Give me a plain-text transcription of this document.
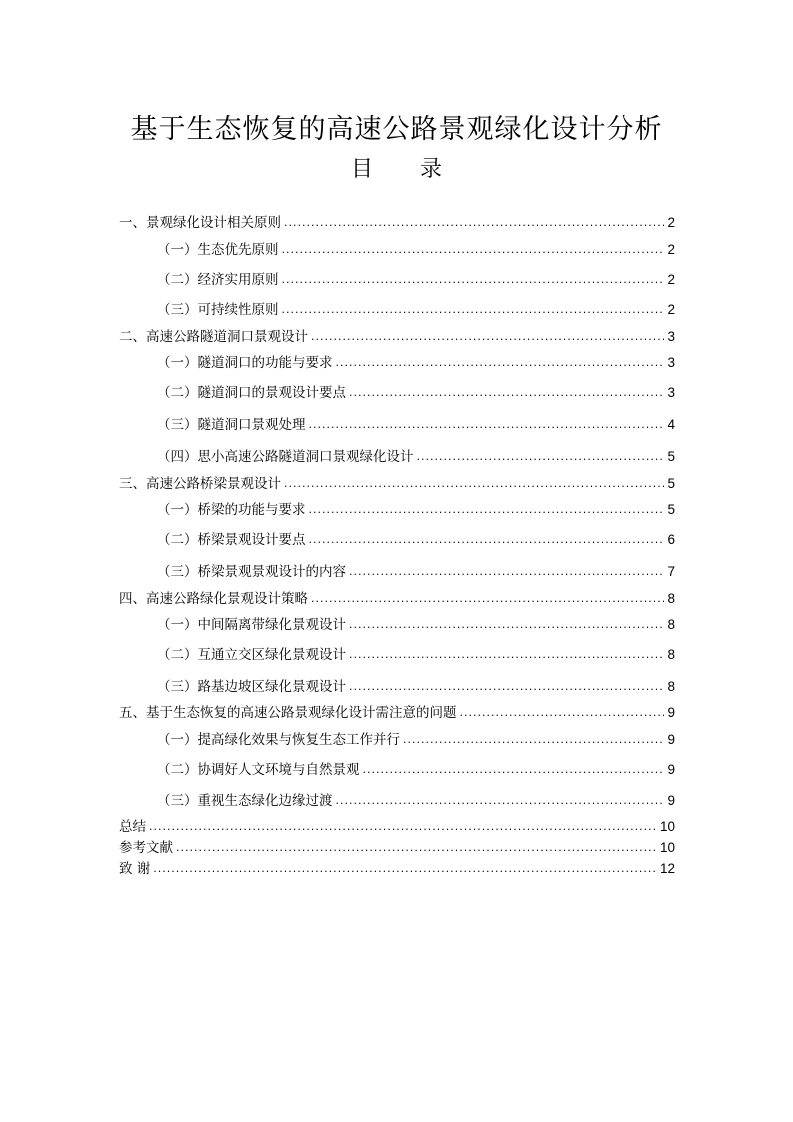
基于生态恢复的高速公路景观绿化设计分析
目 录
一、景观绿化设计相关原则 .....	2
（一）生态优先原则 .....	2
（二）经济实用原则 .....	2
（三）可持续性原则 .....	2
二、高速公路隧道洞口景观设计 .....	3
（一）隧道洞口的功能与要求 .....	3
（二）隧道洞口的景观设计要点 .....	3
（三）隧道洞口景观处理 .....	4
（四）思小高速公路隧道洞口景观绿化设计 .....	5
三、高速公路桥梁景观设计 .....	5
（一）桥梁的功能与要求 .....	5
（二）桥梁景观设计要点 .....	6
（三）桥梁景观景观设计的内容 .....	7
四、高速公路绿化景观设计策略 .....	8
（一）中间隔离带绿化景观设计 .....	8
（二）互通立交区绿化景观设计 .....	8
（三）路基边坡区绿化景观设计 .....	8
五、基于生态恢复的高速公路景观绿化设计需注意的问题 .....	9
（一）提高绿化效果与恢复生态工作并行 .....	9
（二）协调好人文环境与自然景观 .....	9
（三）重视生态绿化边缘过渡 .....	9
总结 .....	10
参考文献 .....	10
致 谢 .....	12
